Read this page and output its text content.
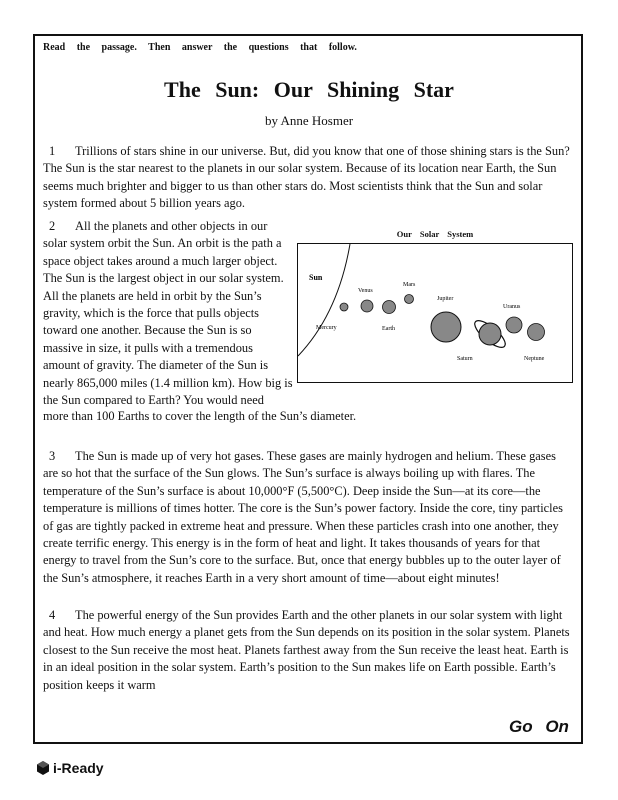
Read the passage. Then answer the questions that follow.
The Sun: Our Shining Star
by Anne Hosmer
1 Trillions of stars shine in our universe. But, did you know that one of those shining stars is the Sun? The Sun is the star nearest to the planets in our solar system. Because of its location near Earth, the Sun seems much brighter and bigger to us than other stars do. Most scientists think that the Sun and solar system formed about 5 billion years ago.
2 All the planets and other objects in our solar system orbit the Sun. An orbit is the path a space object takes around a much larger object. The Sun is the largest object in our solar system. All the planets are held in orbit by the Sun’s gravity, which is the force that pulls objects toward one another. Because the Sun is so massive in size, it pulls with a tremendous amount of gravity. The diameter of the Sun is nearly 865,000 miles (1.4 million km). How big is the Sun compared to Earth? You would need
more than 100 Earths to cover the length of the Sun’s diameter.
Our Solar System
Sun
Mercury
Venus
Earth
Mars
Jupiter
Saturn
Uranus
Neptune
3 The Sun is made up of very hot gases. These gases are mainly hydrogen and helium. These gases are so hot that the surface of the Sun glows. The Sun’s surface is always boiling up with flares. The temperature of the Sun’s surface is about 10,000°F (5,500°C). Deep inside the Sun—at its core—the temperature is millions of times hotter. The core is the Sun’s power factory. Inside the core, tiny particles of gas are tightly packed in extreme heat and pressure. When these particles crash into one another, they create terrific energy. This energy is in the form of heat and light. It takes thousands of years for that energy to travel from the Sun’s core to the surface. But, once that energy bubbles up to the outer layer of the Sun’s atmosphere, it reaches Earth in a very short amount of time—about eight minutes!
4 The powerful energy of the Sun provides Earth and the other planets in our solar system with light and heat. How much energy a planet gets from the Sun depends on its position in the solar system. Planets closest to the Sun receive the most heat. Planets farthest away from the Sun receive the least heat. Earth is in an ideal position in the solar system. Earth’s position to the Sun makes life on Earth possible. Earth’s position keeps it warm
Go On
i-Ready
